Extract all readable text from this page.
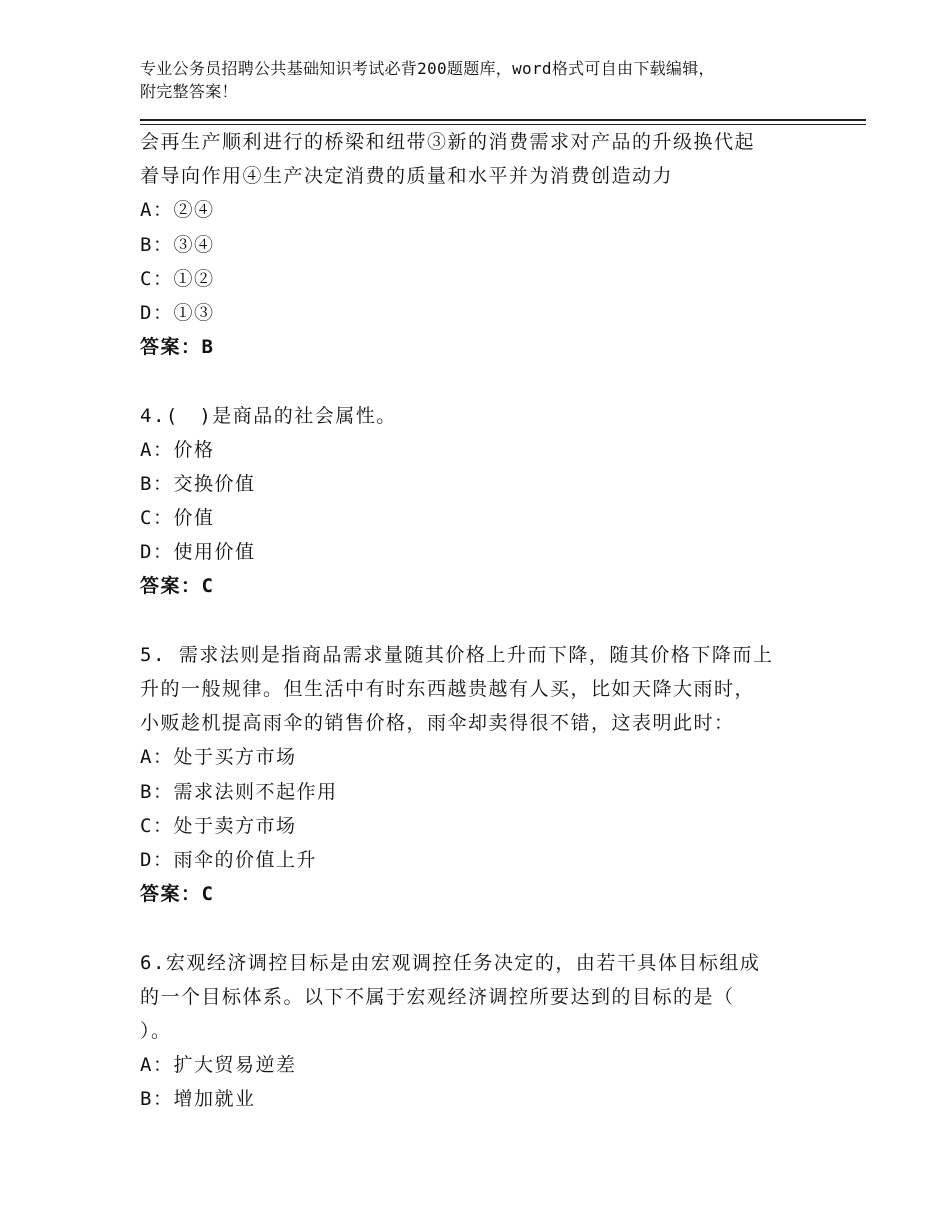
专业公务员招聘公共基础知识考试必背200题题库，word格式可自由下载编辑，
附完整答案！
会再生产顺利进行的桥梁和纽带③新的消费需求对产品的升级换代起
着导向作用④生产决定消费的质量和水平并为消费创造动力
A：②④
B：③④
C：①②
D：①③
答案：B
4.(　)是商品的社会属性。
A：价格
B：交换价值
C：价值
D：使用价值
答案：C
5. 需求法则是指商品需求量随其价格上升而下降，随其价格下降而上
升的一般规律。但生活中有时东西越贵越有人买，比如天降大雨时，
小贩趁机提高雨伞的销售价格，雨伞却卖得很不错，这表明此时：
A：处于买方市场
B：需求法则不起作用
C：处于卖方市场
D：雨伞的价值上升
答案：C
6.宏观经济调控目标是由宏观调控任务决定的，由若干具体目标组成
的一个目标体系。以下不属于宏观经济调控所要达到的目标的是（
）。
A：扩大贸易逆差
B：增加就业
